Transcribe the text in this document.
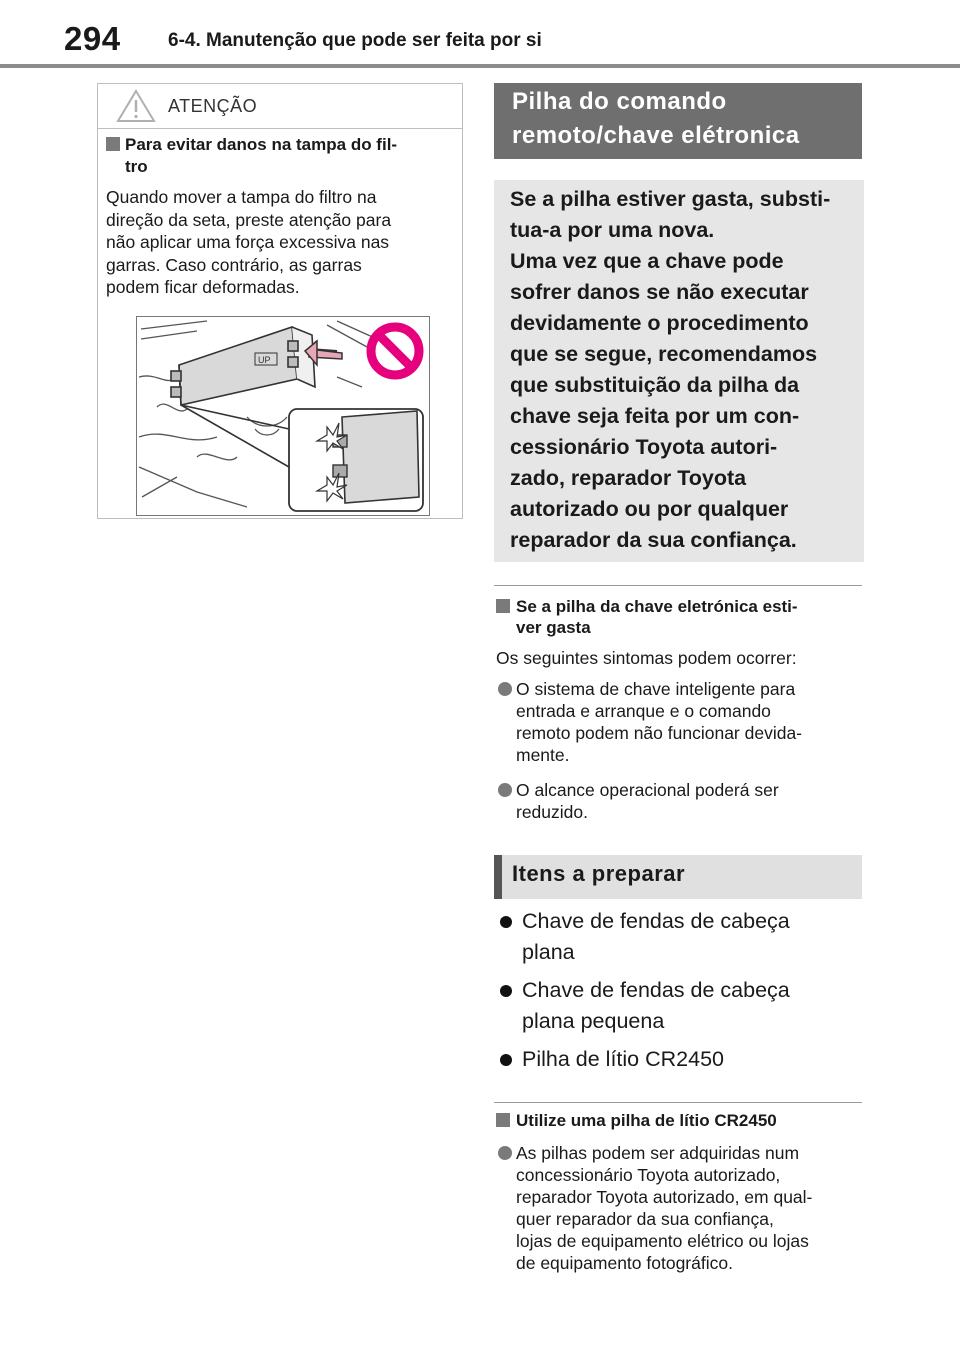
294 6-4. Manutenção que pode ser feita por si
ATENÇÃO
Para evitar danos na tampa do fil-
tro
Quando mover a tampa do filtro na
direção da seta, preste atenção para
não aplicar uma força excessiva nas
garras. Caso contrário, as garras
podem ficar deformadas.
UP
Pilha do comando
remoto/chave elétronica
Se a pilha estiver gasta, substi-
tua-a por uma nova.
Uma vez que a chave pode
sofrer danos se não executar
devidamente o procedimento
que se segue, recomendamos
que substituição da pilha da
chave seja feita por um con-
cessionário Toyota autori-
zado, reparador Toyota
autorizado ou por qualquer
reparador da sua confiança.
Se a pilha da chave eletrónica esti-
ver gasta
Os seguintes sintomas podem ocorrer:
O sistema de chave inteligente para
entrada e arranque e o comando
remoto podem não funcionar devida-
mente.
O alcance operacional poderá ser
reduzido.
Itens a preparar
Chave de fendas de cabeça
plana
Chave de fendas de cabeça
plana pequena
Pilha de lítio CR2450
Utilize uma pilha de lítio CR2450
As pilhas podem ser adquiridas num
concessionário Toyota autorizado,
reparador Toyota autorizado, em qual-
quer reparador da sua confiança,
lojas de equipamento elétrico ou lojas
de equipamento fotográfico.
